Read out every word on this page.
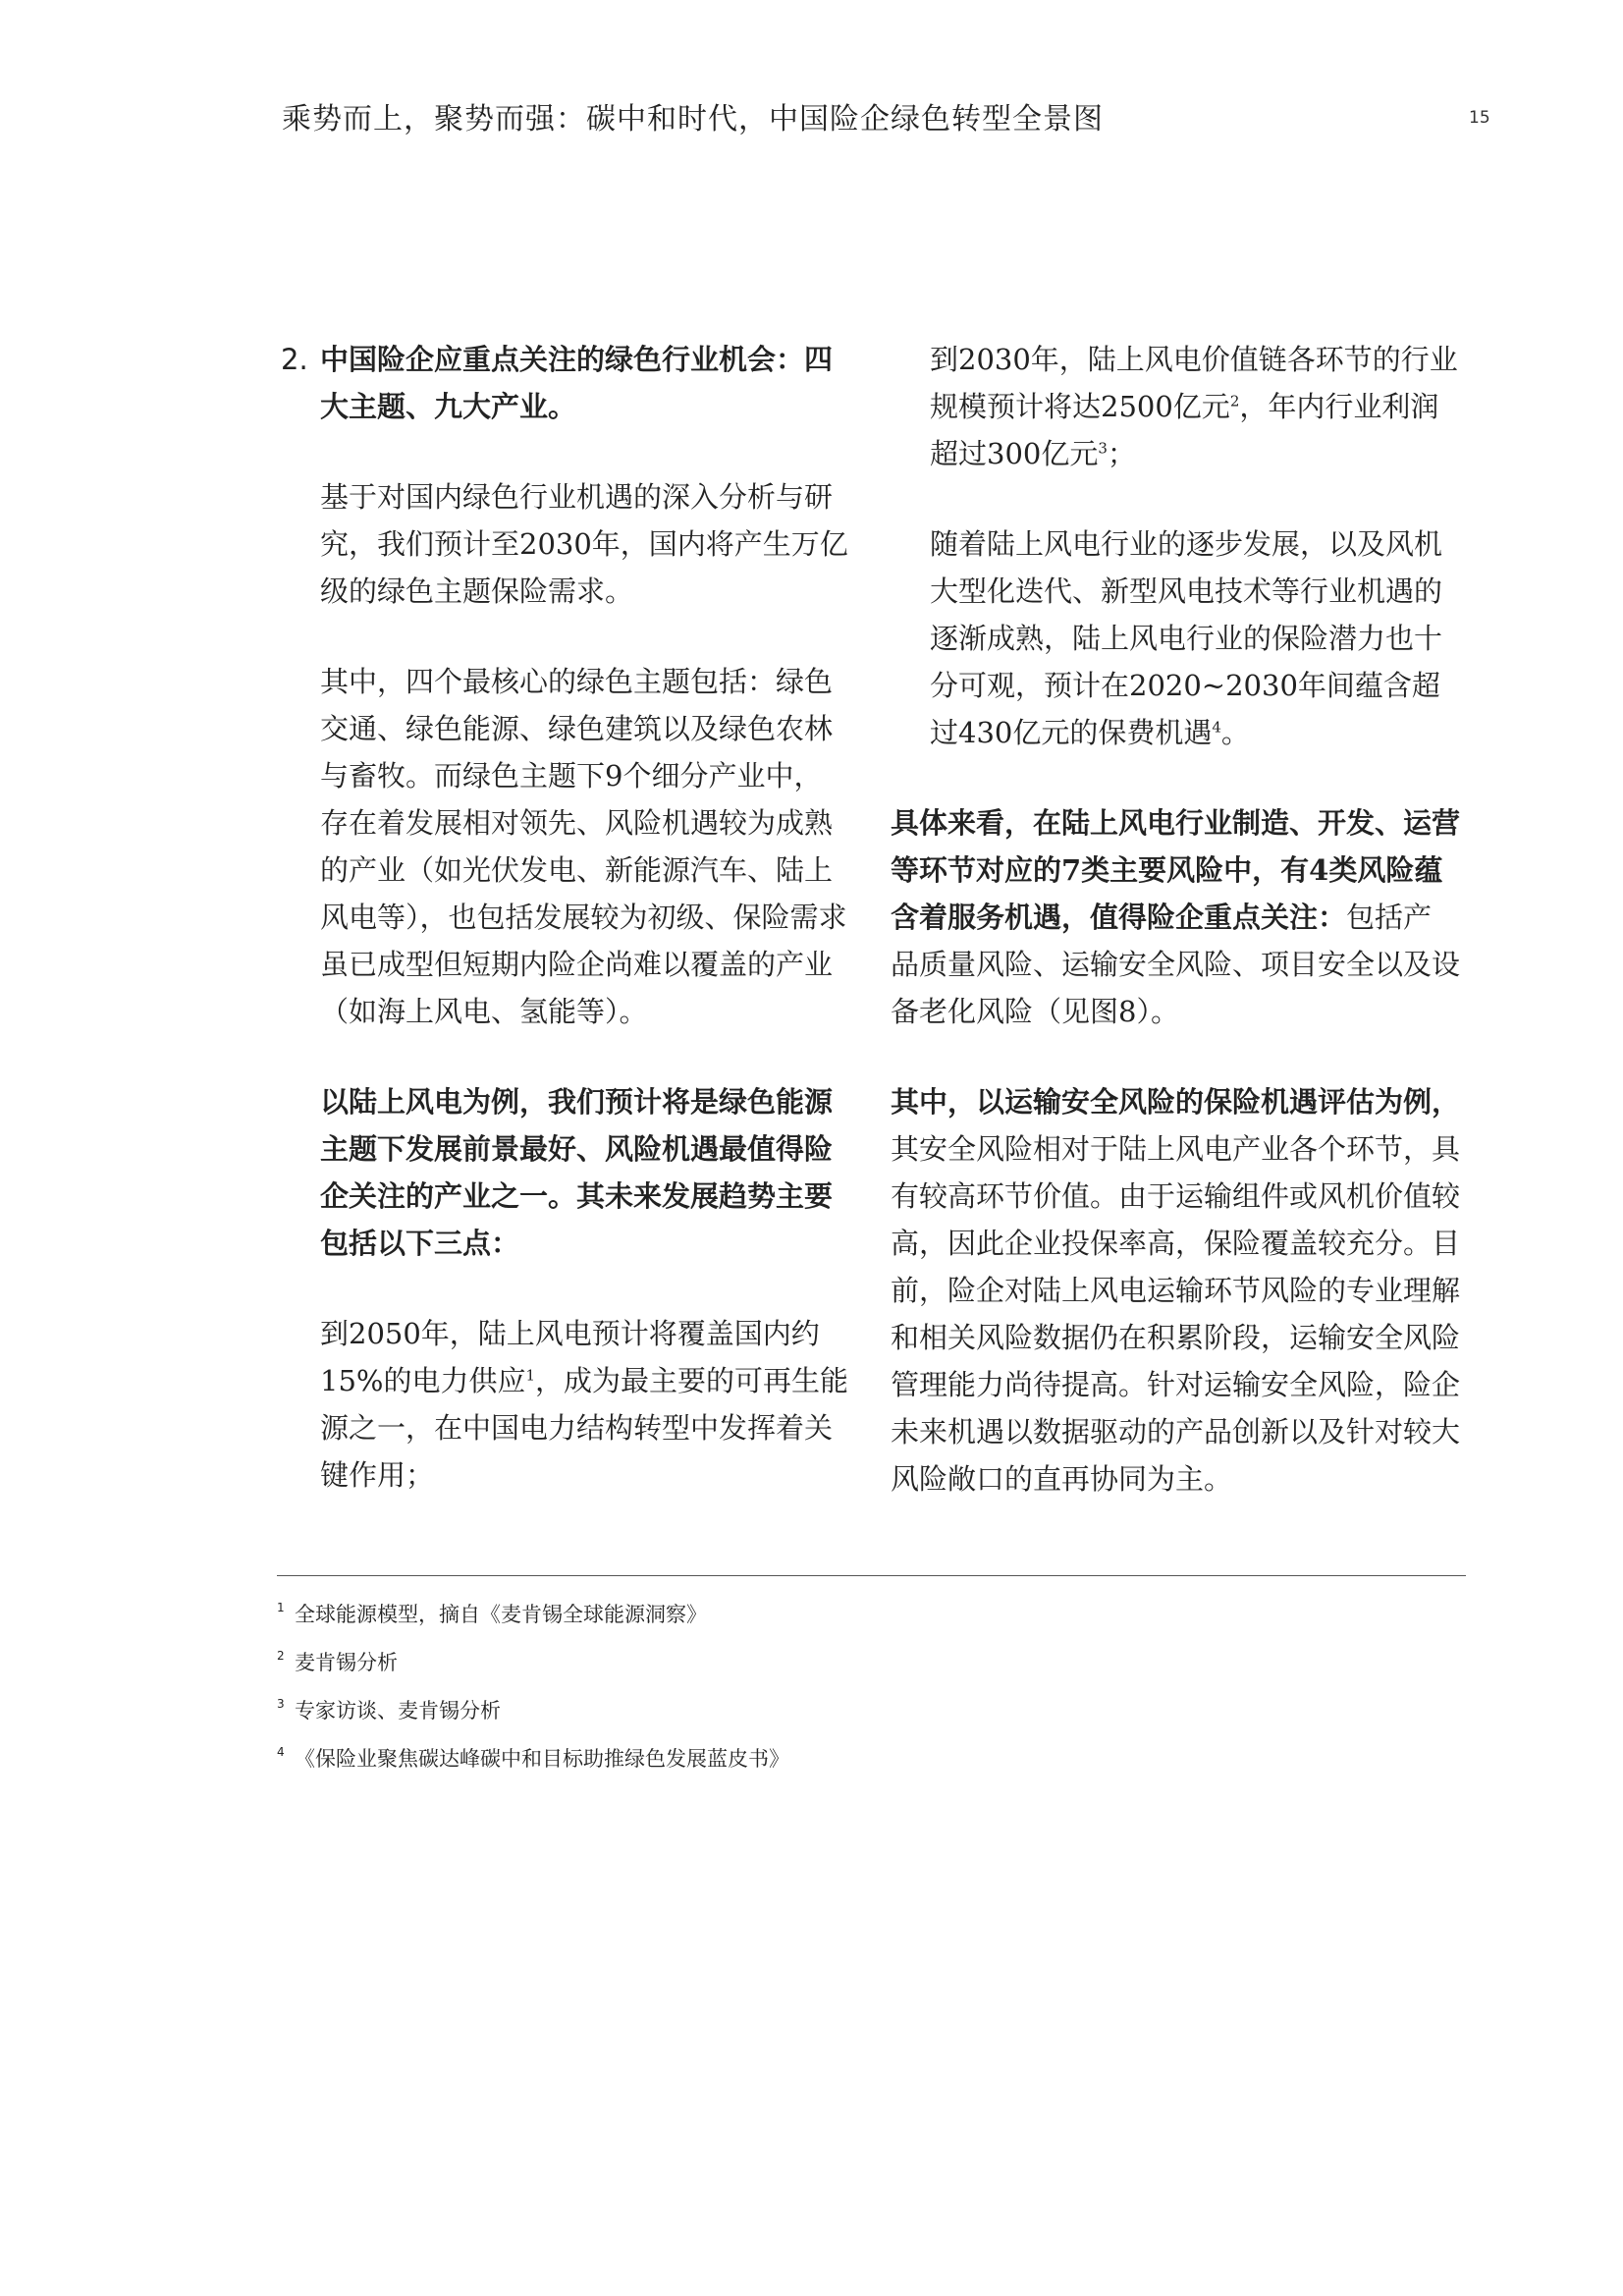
乘势而上，聚势而强：碳中和时代，中国险企绿色转型全景图	15
2. 中国险企应重点关注的绿色行业机会：四大主题、九大产业。

基于对国内绿色行业机遇的深入分析与研究，我们预计至2030年，国内将产生万亿级的绿色主题保险需求。

其中，四个最核心的绿色主题包括：绿色交通、绿色能源、绿色建筑以及绿色农林与畜牧。而绿色主题下9个细分产业中，存在着发展相对领先、风险机遇较为成熟的产业（如光伏发电、新能源汽车、陆上风电等），也包括发展较为初级、保险需求虽已成型但短期内险企尚难以覆盖的产业（如海上风电、氢能等）。

以陆上风电为例，我们预计将是绿色能源主题下发展前景最好、风险机遇最值得险企关注的产业之一。其未来发展趋势主要包括以下三点：

到2050年，陆上风电预计将覆盖国内约15%的电力供应$^1$，成为最主要的可再生能源之一，在中国电力结构转型中发挥着关键作用；

到2030年，陆上风电价值链各环节的行业规模预计将达2500亿元$^2$，年内行业利润超过300亿元$^3$；

随着陆上风电行业的逐步发展，以及风机大型化迭代、新型风电技术等行业机遇的逐渐成熟，陆上风电行业的保险潜力也十分可观，预计在2020~2030年间蕴含超过430亿元的保费机遇$^4$。

具体来看，在陆上风电行业制造、开发、运营等环节对应的7类主要风险中，有4类风险蕴含着服务机遇，值得险企重点关注：包括产品质量风险、运输安全风险、项目安全以及设备老化风险（见图8）。

其中，以运输安全风险的保险机遇评估为例，其安全风险相对于陆上风电产业各个环节，具有较高环节价值。由于运输组件或风机价值较高，因此企业投保率高，保险覆盖较充分。目前，险企对陆上风电运输环节风险的专业理解和相关风险数据仍在积累阶段，运输安全风险管理能力尚待提高。针对运输安全风险，险企未来机遇以数据驱动的产品创新以及针对较大风险敞口的直再协同为主。

1 全球能源模型，摘自《麦肯锡全球能源洞察》
2 麦肯锡分析
3 专家访谈、麦肯锡分析
4 《保险业聚焦碳达峰碳中和目标助推绿色发展蓝皮书》
